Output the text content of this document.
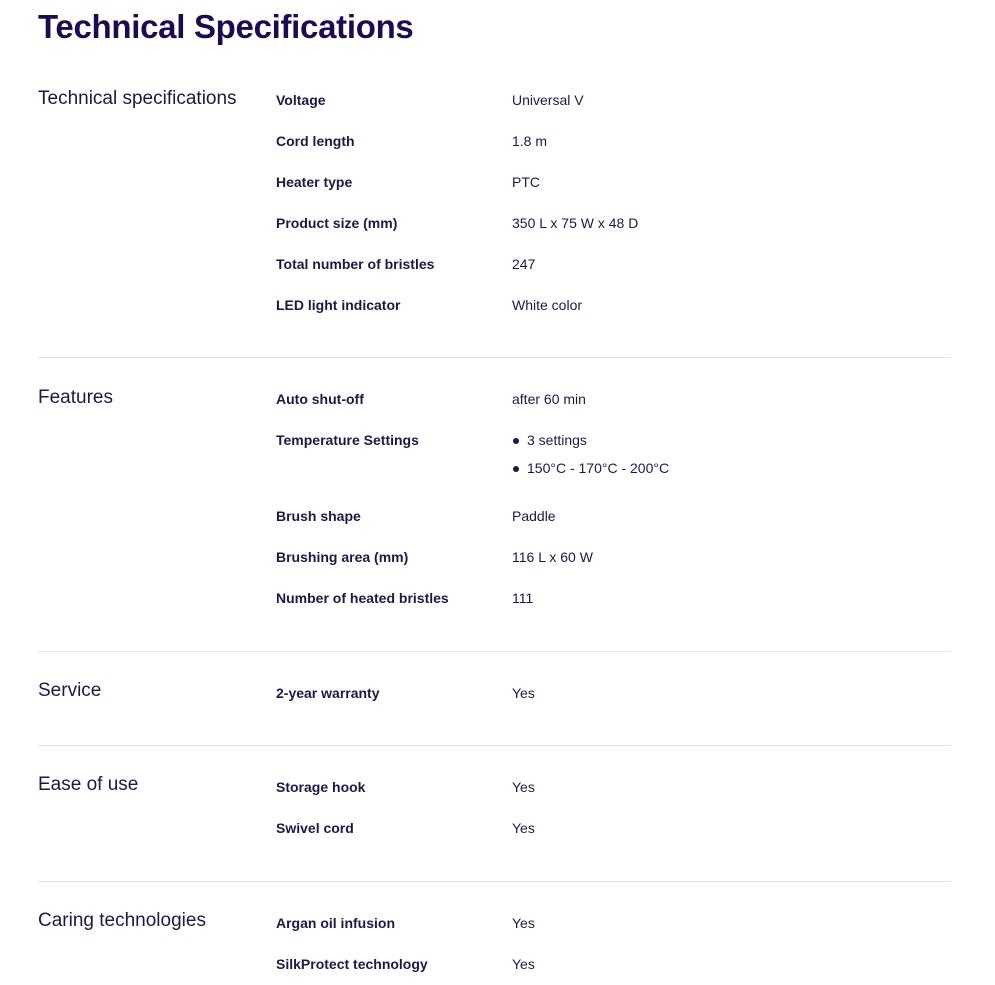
Technical Specifications
Technical specifications	Voltage	Universal V
Cord length	1.8 m
Heater type	PTC
Product size (mm)	350 L x 75 W x 48 D
Total number of bristles	247
LED light indicator	White color
Features	Auto shut-off	after 60 min
Temperature Settings	3 settings
150°C - 170°C - 200°C
Brush shape	Paddle
Brushing area (mm)	116 L x 60 W
Number of heated bristles	111
Service	2-year warranty	Yes
Ease of use	Storage hook	Yes
Swivel cord	Yes
Caring technologies	Argan oil infusion	Yes
SilkProtect technology	Yes
